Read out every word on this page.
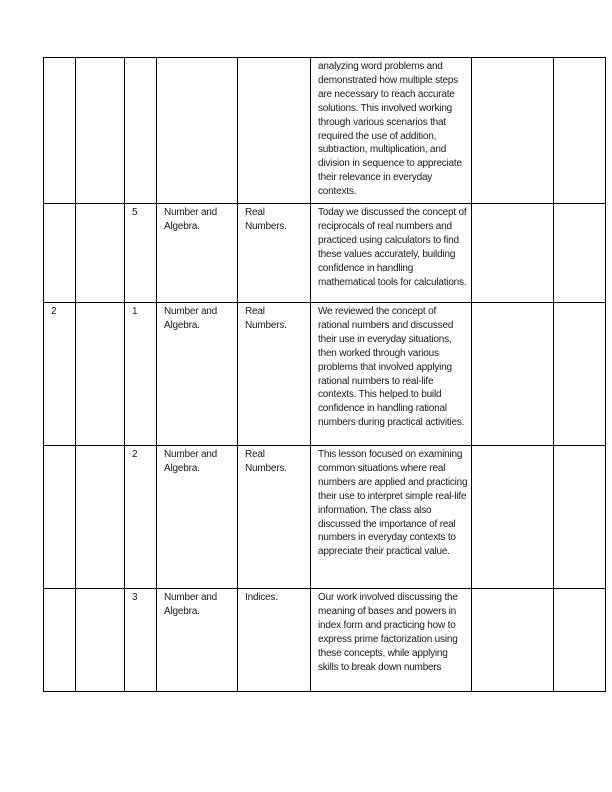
					analyzing word problems and demonstrated how multiple steps are necessary to reach accurate solutions. This involved working through various scenarios that required the use of addition, subtraction, multiplication, and division in sequence to appreciate their relevance in everyday contexts.		

		5	Number and Algebra.	Real Numbers.	Today we discussed the concept of reciprocals of real numbers and practiced using calculators to find these values accurately, building confidence in handling mathematical tools for calculations.		

2		1	Number and Algebra.	Real Numbers.	We reviewed the concept of rational numbers and discussed their use in everyday situations, then worked through various problems that involved applying rational numbers to real-life contexts. This helped to build confidence in handling rational numbers during practical activities.		

		2	Number and Algebra.	Real Numbers.	This lesson focused on examining common situations where real numbers are applied and practicing their use to interpret simple real-life information. The class also discussed the importance of real numbers in everyday contexts to appreciate their practical value.		

		3	Number and Algebra.	Indices.	Our work involved discussing the meaning of bases and powers in index form and practicing how to express prime factorization using these concepts, while applying skills to break down numbers		
